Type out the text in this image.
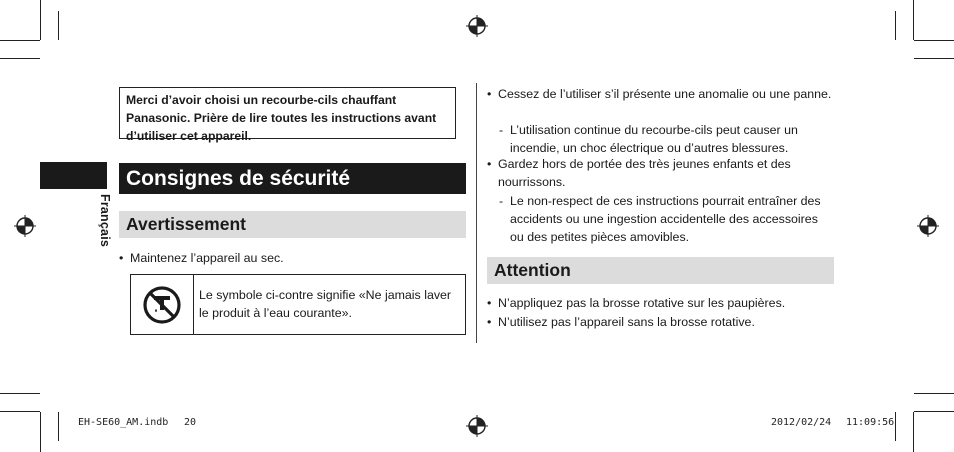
Français
Merci d’avoir choisi un recourbe-cils chauffant Panasonic. Prière de lire toutes les instructions avant d’utiliser cet appareil.
Consignes de sécurité
Avertissement
• Maintenez l’appareil au sec.
Le symbole ci-contre signifie «Ne jamais laver le produit à l’eau courante».
• Cessez de l’utiliser s’il présente une anomalie ou une panne.
- L’utilisation continue du recourbe-cils peut causer un incendie, un choc électrique ou d’autres blessures.
• Gardez hors de portée des très jeunes enfants et des nourrissons.
- Le non-respect de ces instructions pourrait entraîner des accidents ou une ingestion accidentelle des accessoires ou des petites pièces amovibles.
Attention
• N’appliquez pas la brosse rotative sur les paupières.
• N’utilisez pas l’appareil sans la brosse rotative.
EH-SE60_AM.indb 20	2012/02/24 11:09:56
